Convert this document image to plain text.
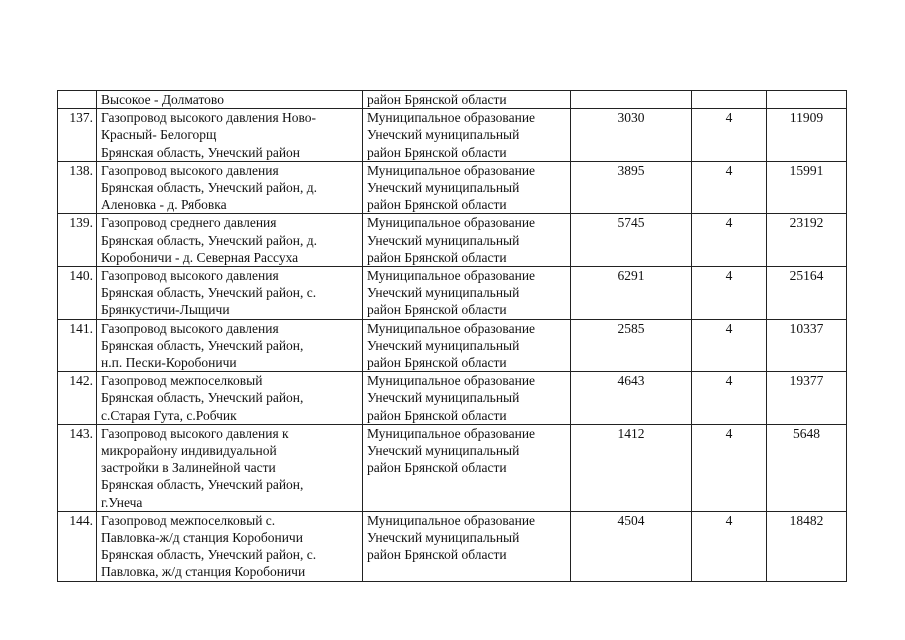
	Высокое - Долматово	район Брянской области			

137.	Газопровод высокого давления Ново-
Красный- Белогорщ
Брянская область, Унечский район	Муниципальное образование
Унечский муниципальный
район Брянской области	3030	4	11909
138.	Газопровод высокого давления
Брянская область, Унечский район, д.
Аленовка - д. Рябовка	Муниципальное образование
Унечский муниципальный
район Брянской области	3895	4	15991
139.	Газопровод среднего давления
Брянская область, Унечский район, д.
Коробоничи - д. Северная Рассуха	Муниципальное образование
Унечский муниципальный
район Брянской области	5745	4	23192
140.	Газопровод высокого давления
Брянская область, Унечский район, с.
Брянкустичи-Лыщичи	Муниципальное образование
Унечский муниципальный
район Брянской области	6291	4	25164
141.	Газопровод высокого давления
Брянская область, Унечский район,
н.п. Пески-Коробоничи	Муниципальное образование
Унечский муниципальный
район Брянской области	2585	4	10337
142.	Газопровод межпоселковый
Брянская область, Унечский район,
с.Старая Гута, с.Робчик	Муниципальное образование
Унечский муниципальный
район Брянской области	4643	4	19377
143.	Газопровод высокого давления к
микрорайону индивидуальной
застройки в Залинейной части
Брянская область, Унечский район,
г.Унеча	Муниципальное образование
Унечский муниципальный
район Брянской области	1412	4	5648
144.	Газопровод межпоселковый с.
Павловка-ж/д станция Коробоничи
Брянская область, Унечский район, с.
Павловка, ж/д станция Коробоничи	Муниципальное образование
Унечский муниципальный
район Брянской области	4504	4	18482
